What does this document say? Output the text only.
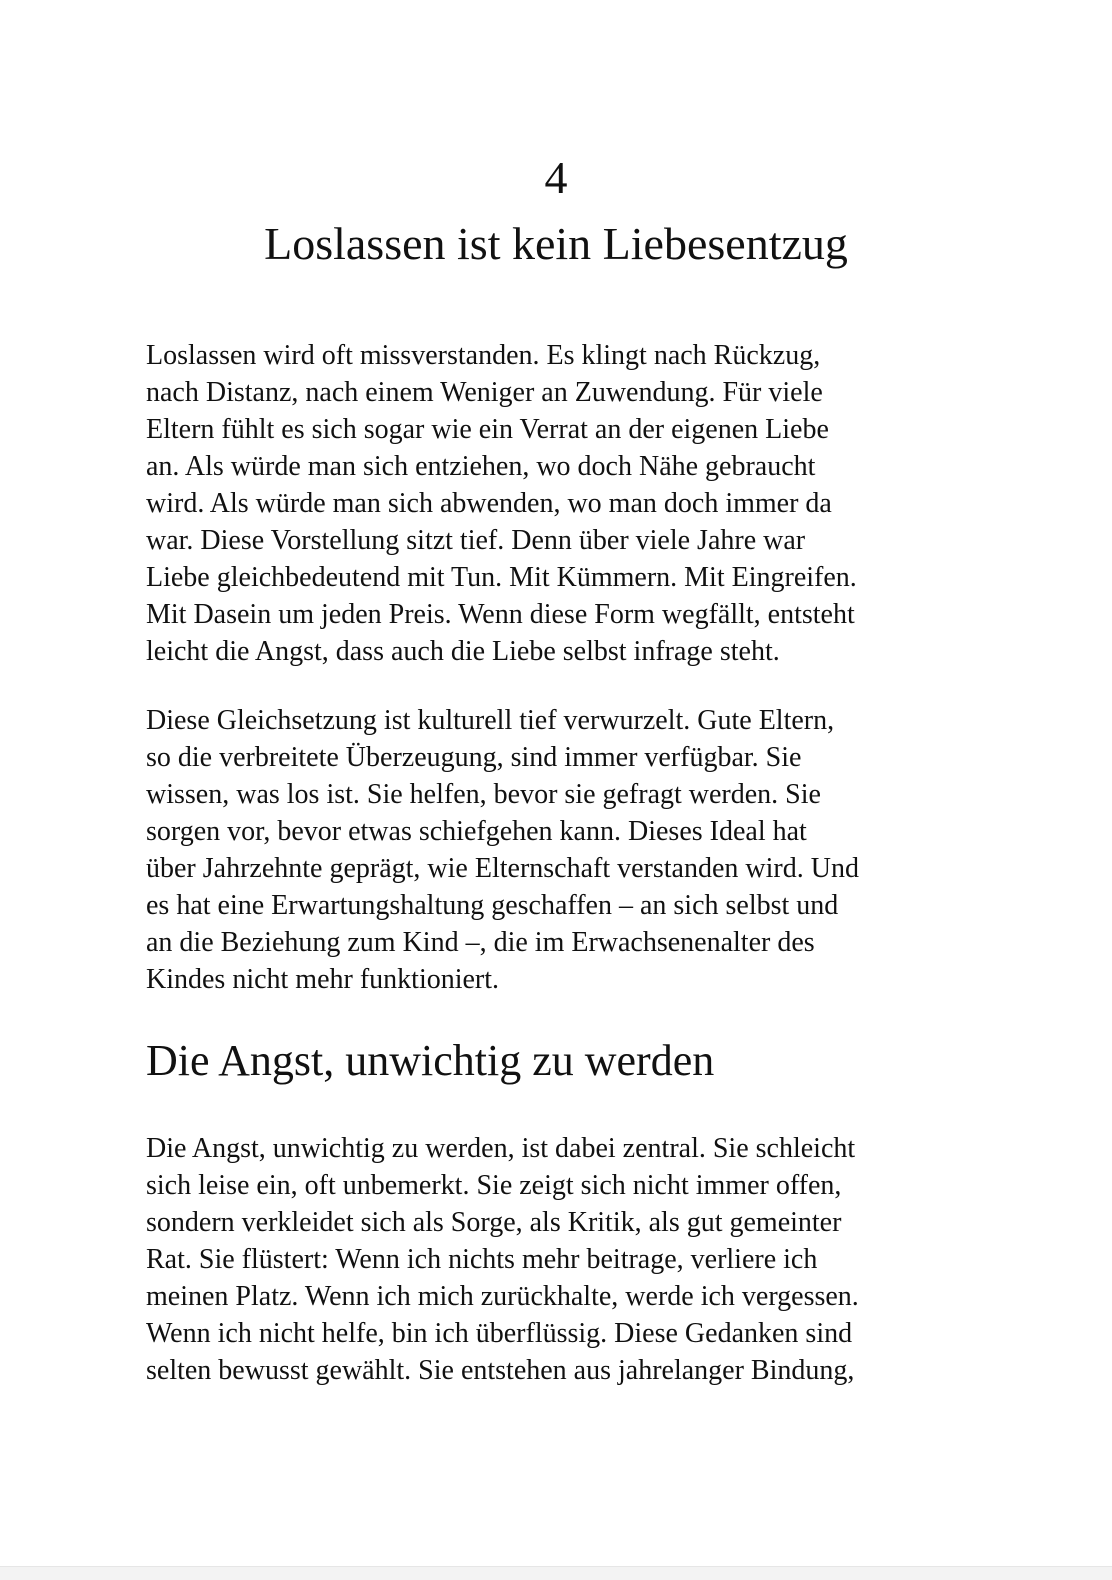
4
Loslassen ist kein Liebesentzug

Loslassen wird oft missverstanden. Es klingt nach Rückzug,
nach Distanz, nach einem Weniger an Zuwendung. Für viele
Eltern fühlt es sich sogar wie ein Verrat an der eigenen Liebe
an. Als würde man sich entziehen, wo doch Nähe gebraucht
wird. Als würde man sich abwenden, wo man doch immer da
war. Diese Vorstellung sitzt tief. Denn über viele Jahre war
Liebe gleichbedeutend mit Tun. Mit Kümmern. Mit Eingreifen.
Mit Dasein um jeden Preis. Wenn diese Form wegfällt, entsteht
leicht die Angst, dass auch die Liebe selbst infrage steht.

Diese Gleichsetzung ist kulturell tief verwurzelt. Gute Eltern,
so die verbreitete Überzeugung, sind immer verfügbar. Sie
wissen, was los ist. Sie helfen, bevor sie gefragt werden. Sie
sorgen vor, bevor etwas schiefgehen kann. Dieses Ideal hat
über Jahrzehnte geprägt, wie Elternschaft verstanden wird. Und
es hat eine Erwartungshaltung geschaffen – an sich selbst und
an die Beziehung zum Kind –, die im Erwachsenenalter des
Kindes nicht mehr funktioniert.

Die Angst, unwichtig zu werden

Die Angst, unwichtig zu werden, ist dabei zentral. Sie schleicht
sich leise ein, oft unbemerkt. Sie zeigt sich nicht immer offen,
sondern verkleidet sich als Sorge, als Kritik, als gut gemeinter
Rat. Sie flüstert: Wenn ich nichts mehr beitrage, verliere ich
meinen Platz. Wenn ich mich zurückhalte, werde ich vergessen.
Wenn ich nicht helfe, bin ich überflüssig. Diese Gedanken sind
selten bewusst gewählt. Sie entstehen aus jahrelanger Bindung,
